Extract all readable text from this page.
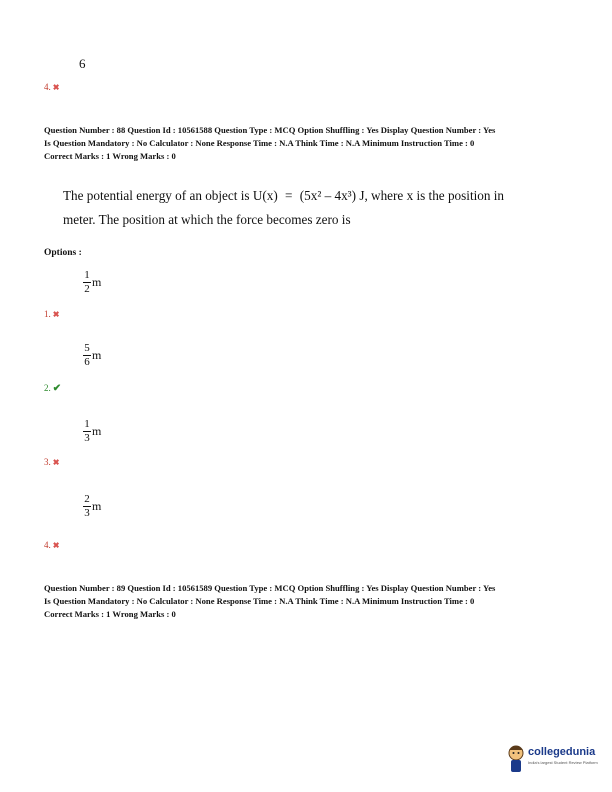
6
4. ✖
Question Number : 88 Question Id : 10561588 Question Type : MCQ Option Shuffling : Yes Display Question Number : Yes
Is Question Mandatory : No Calculator : None Response Time : N.A Think Time : N.A Minimum Instruction Time : 0
Correct Marks : 1 Wrong Marks : 0
The potential energy of an object is U(x) = (5x² – 4x³) J, where x is the position in
meter. The position at which the force becomes zero is
Options :
$\frac{1}{2}$ m
1. ✖
$\frac{5}{6}$ m
2. ✔
$\frac{1}{3}$ m
3. ✖
$\frac{2}{3}$ m
4. ✖
Question Number : 89 Question Id : 10561589 Question Type : MCQ Option Shuffling : Yes Display Question Number : Yes
Is Question Mandatory : No Calculator : None Response Time : N.A Think Time : N.A Minimum Instruction Time : 0
Correct Marks : 1 Wrong Marks : 0
collegedunia
India's largest Student Review Platform
